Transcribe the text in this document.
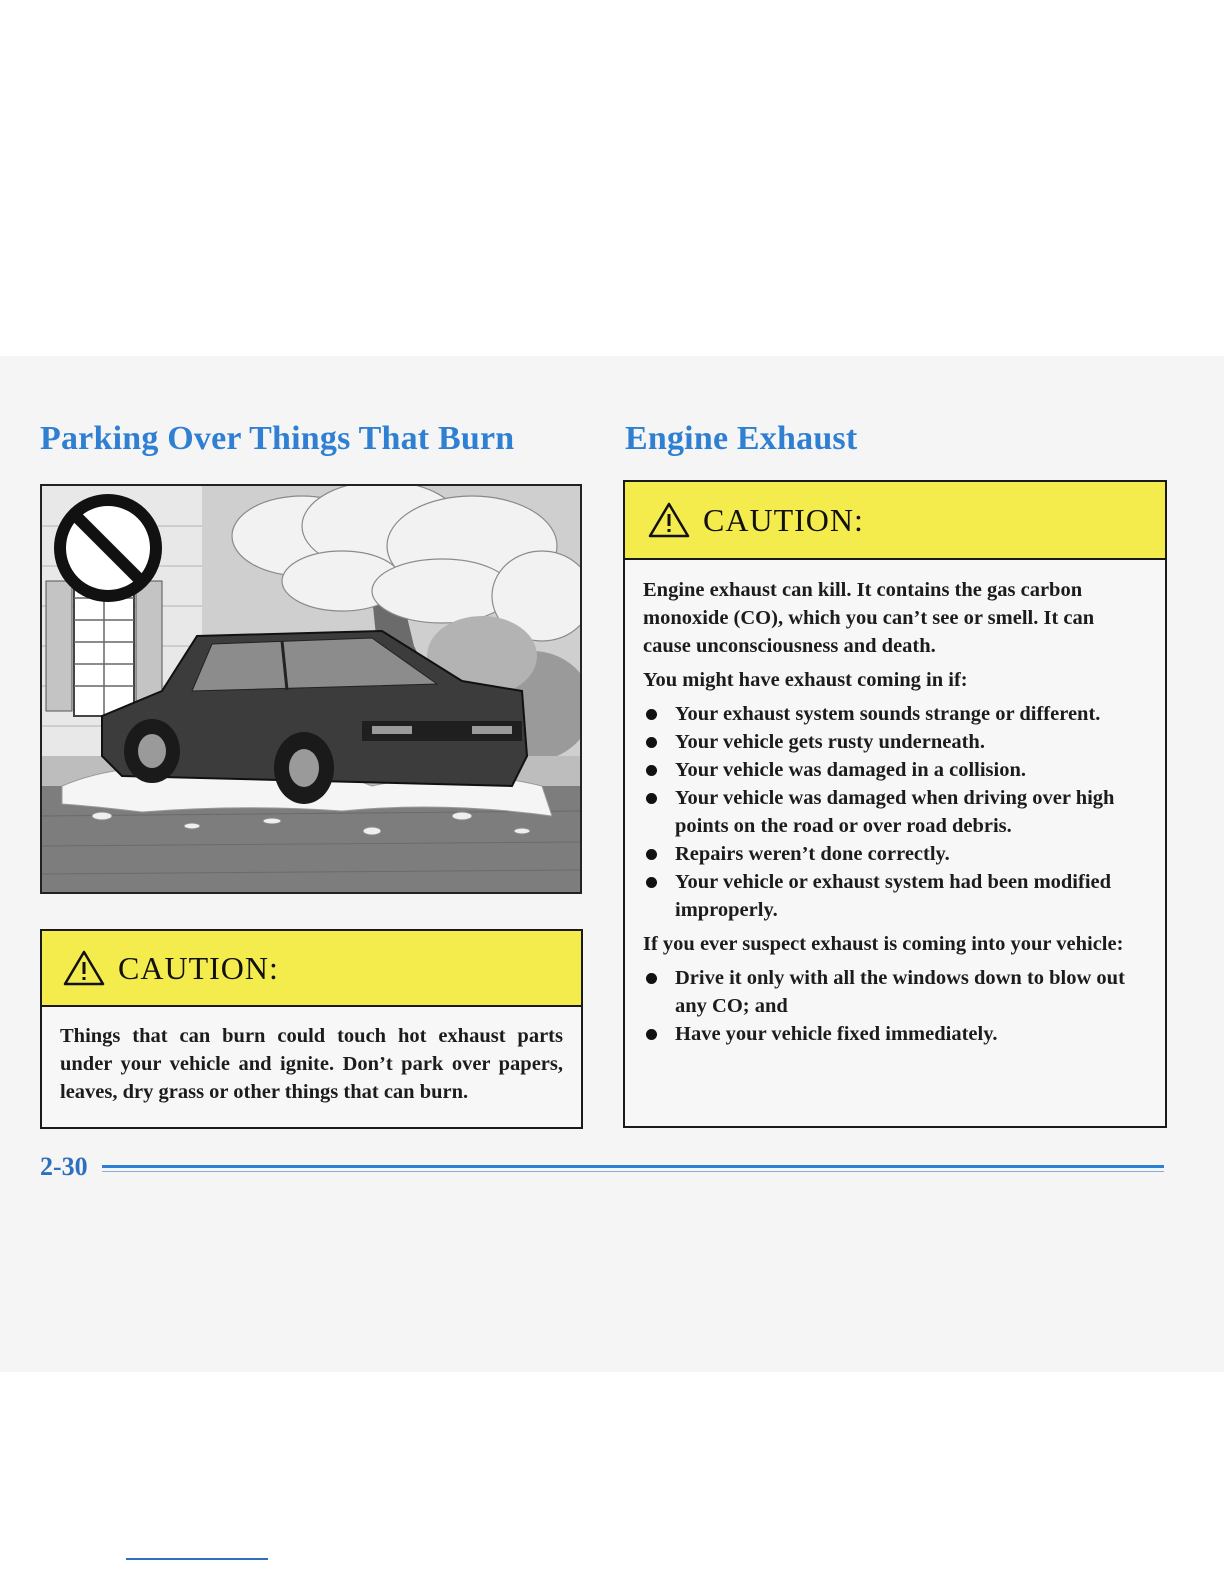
Parking Over Things That Burn	Engine Exhaust
CAUTION:

Things that can burn could touch hot exhaust parts under your vehicle and ignite. Don’t park over papers, leaves, dry grass or other things that can burn.

CAUTION:

Engine exhaust can kill. It contains the gas carbon monoxide (CO), which you can’t see or smell. It can cause unconsciousness and death.

You might have exhaust coming in if:

Your exhaust system sounds strange or different.
Your vehicle gets rusty underneath.
Your vehicle was damaged in a collision.
Your vehicle was damaged when driving over high points on the road or over road debris.
Repairs weren’t done correctly.
Your vehicle or exhaust system had been modified improperly.

If you ever suspect exhaust is coming into your vehicle:

Drive it only with all the windows down to blow out any CO; and
Have your vehicle fixed immediately.
2-30
